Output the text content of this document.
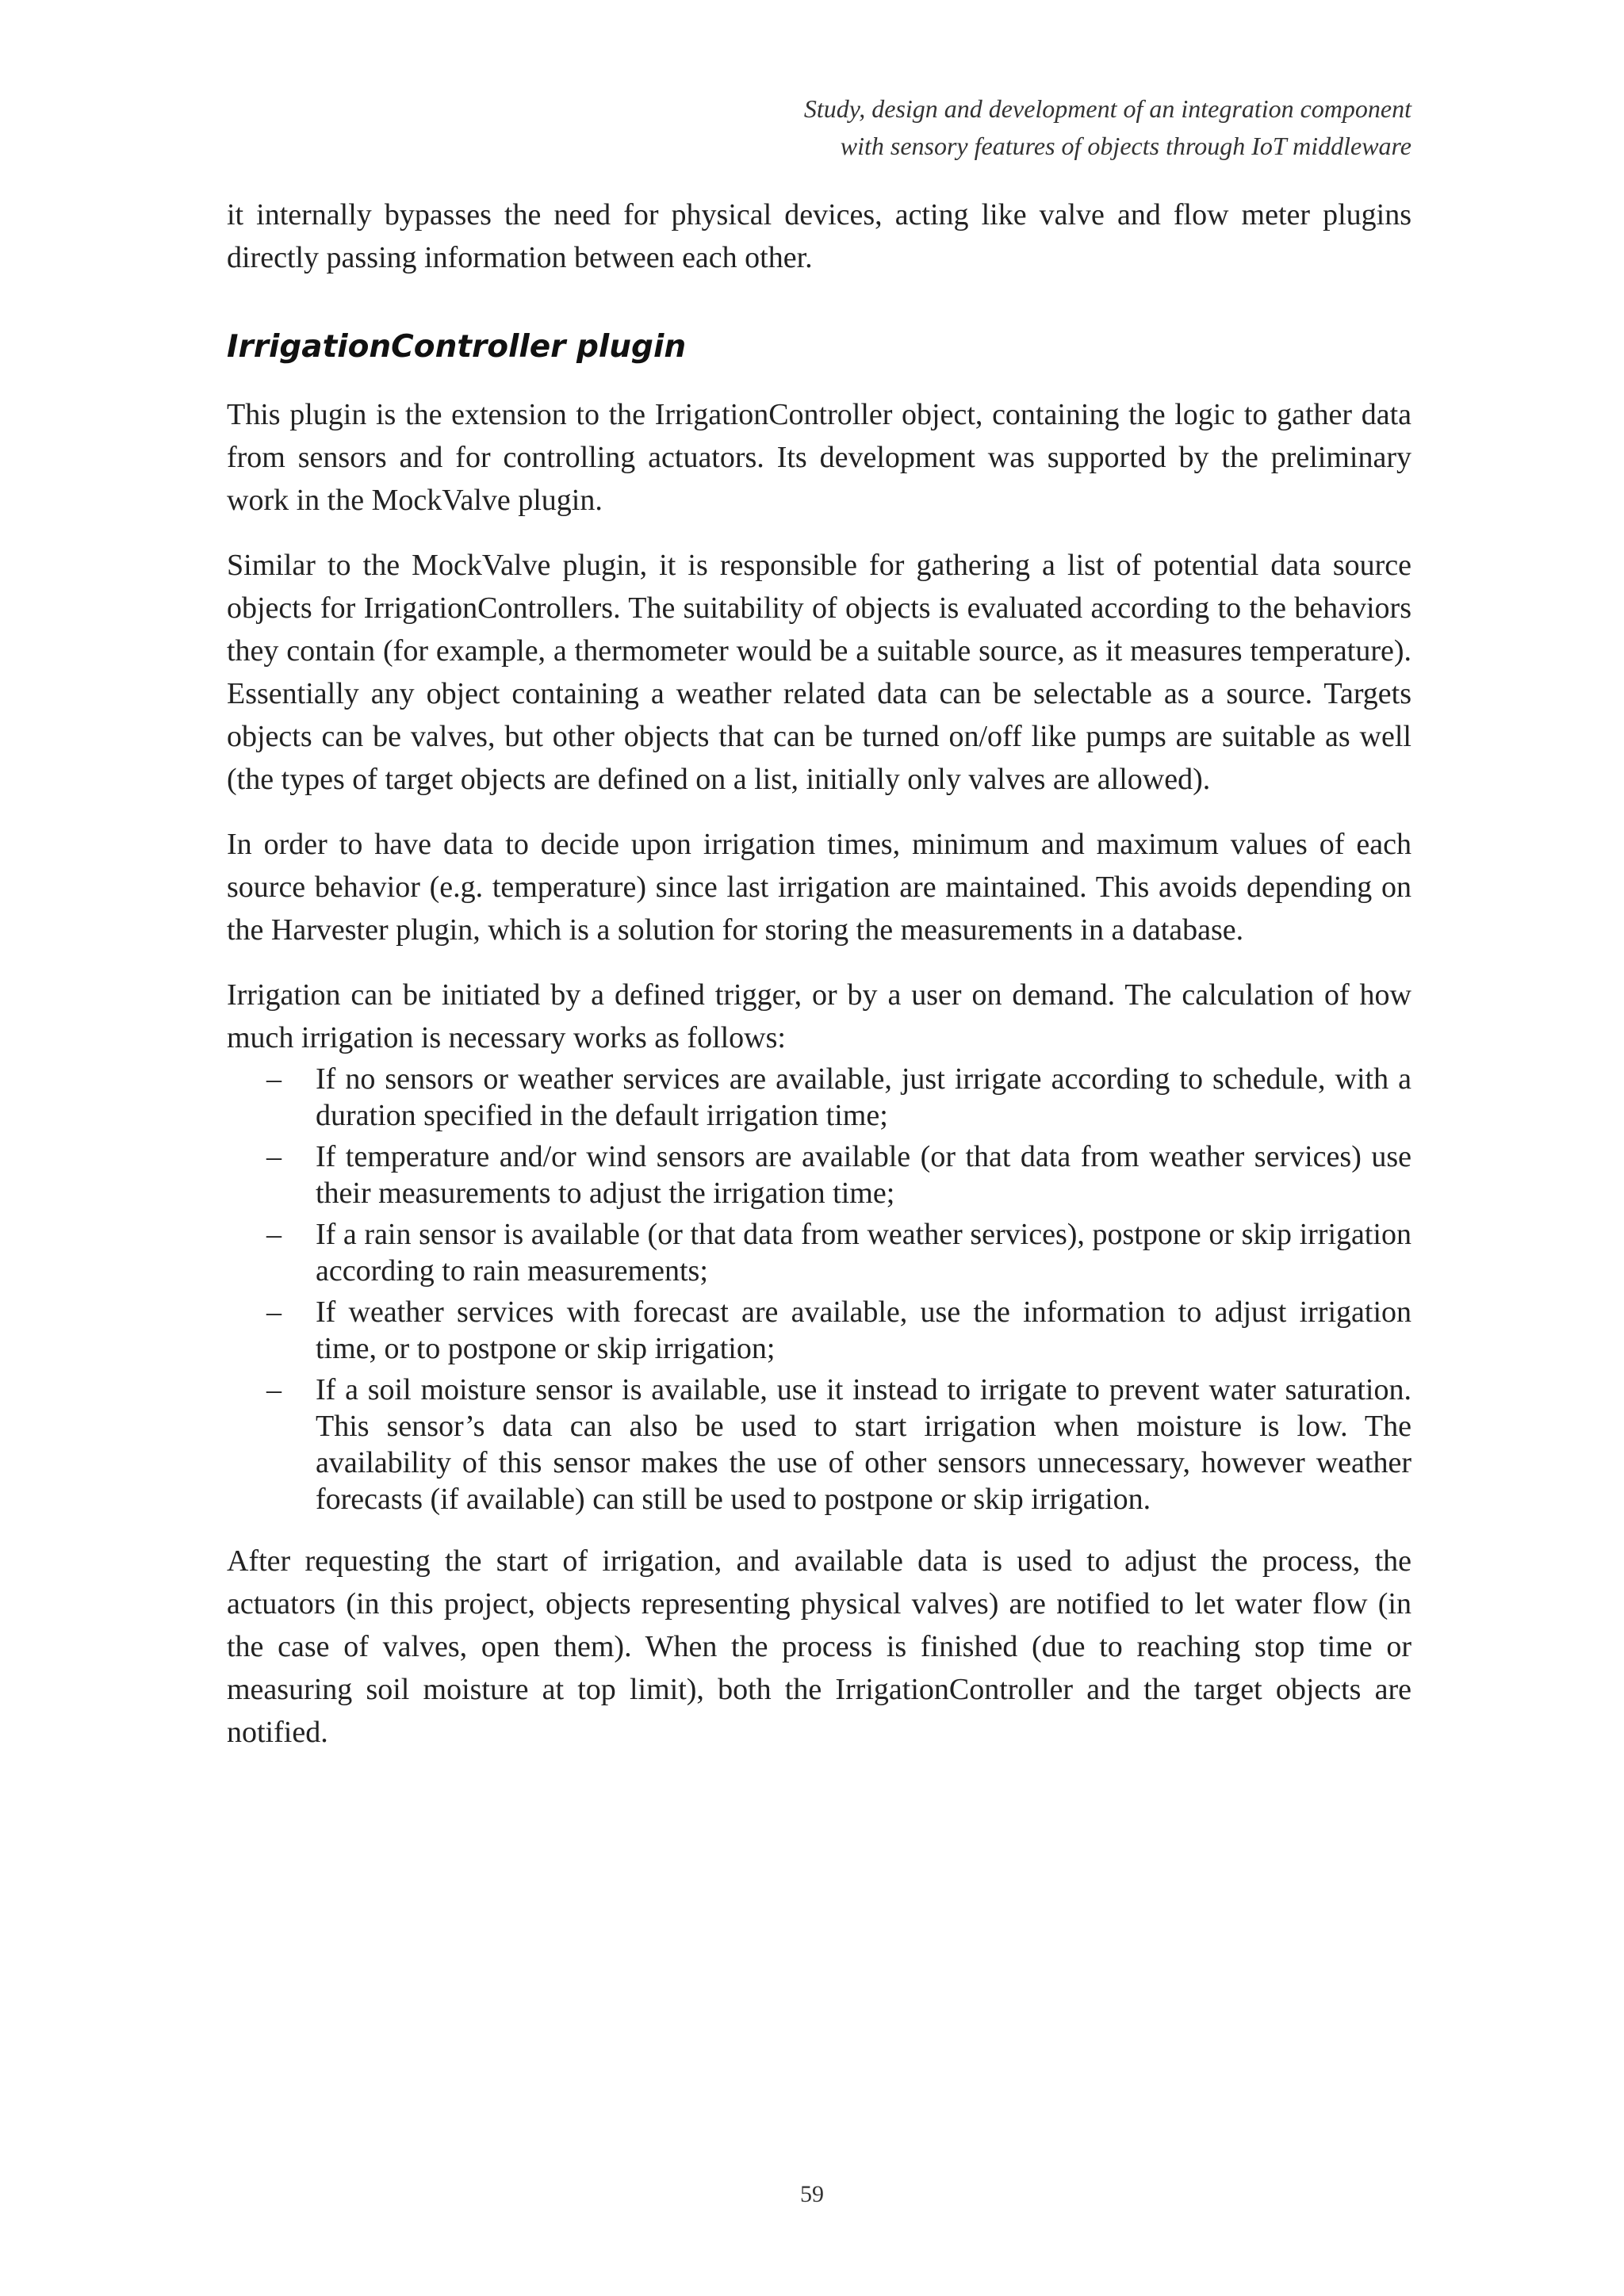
Study, design and development of an integration component
with sensory features of objects through IoT middleware

it internally bypasses the need for physical devices, acting like valve and flow meter plugins directly passing information between each other.

IrrigationController plugin

This plugin is the extension to the IrrigationController object, containing the logic to gather data from sensors and for controlling actuators. Its development was supported by the preliminary work in the MockValve plugin.

Similar to the MockValve plugin, it is responsible for gathering a list of potential data source objects for IrrigationControllers. The suitability of objects is evaluated according to the behaviors they contain (for example, a thermometer would be a suitable source, as it measures temperature). Essentially any object containing a weather related data can be selectable as a source. Targets objects can be valves, but other objects that can be turned on/off like pumps are suitable as well (the types of target objects are defined on a list, initially only valves are allowed).

In order to have data to decide upon irrigation times, minimum and maximum values of each source behavior (e.g. temperature) since last irrigation are maintained. This avoids depending on the Harvester plugin, which is a solution for storing the measurements in a database.

Irrigation can be initiated by a defined trigger, or by a user on demand. The calculation of how much irrigation is necessary works as follows:

– If no sensors or weather services are available, just irrigate according to schedule, with a duration specified in the default irrigation time;
– If temperature and/or wind sensors are available (or that data from weather services) use their measurements to adjust the irrigation time;
– If a rain sensor is available (or that data from weather services), postpone or skip irrigation according to rain measurements;
– If weather services with forecast are available, use the information to adjust irrigation time, or to postpone or skip irrigation;
– If a soil moisture sensor is available, use it instead to irrigate to prevent water saturation. This sensor’s data can also be used to start irrigation when moisture is low. The availability of this sensor makes the use of other sensors unnecessary, however weather forecasts (if available) can still be used to postpone or skip irrigation.

After requesting the start of irrigation, and available data is used to adjust the process, the actuators (in this project, objects representing physical valves) are notified to let water flow (in the case of valves, open them). When the process is finished (due to reaching stop time or measuring soil moisture at top limit), both the IrrigationController and the target objects are notified.

59
